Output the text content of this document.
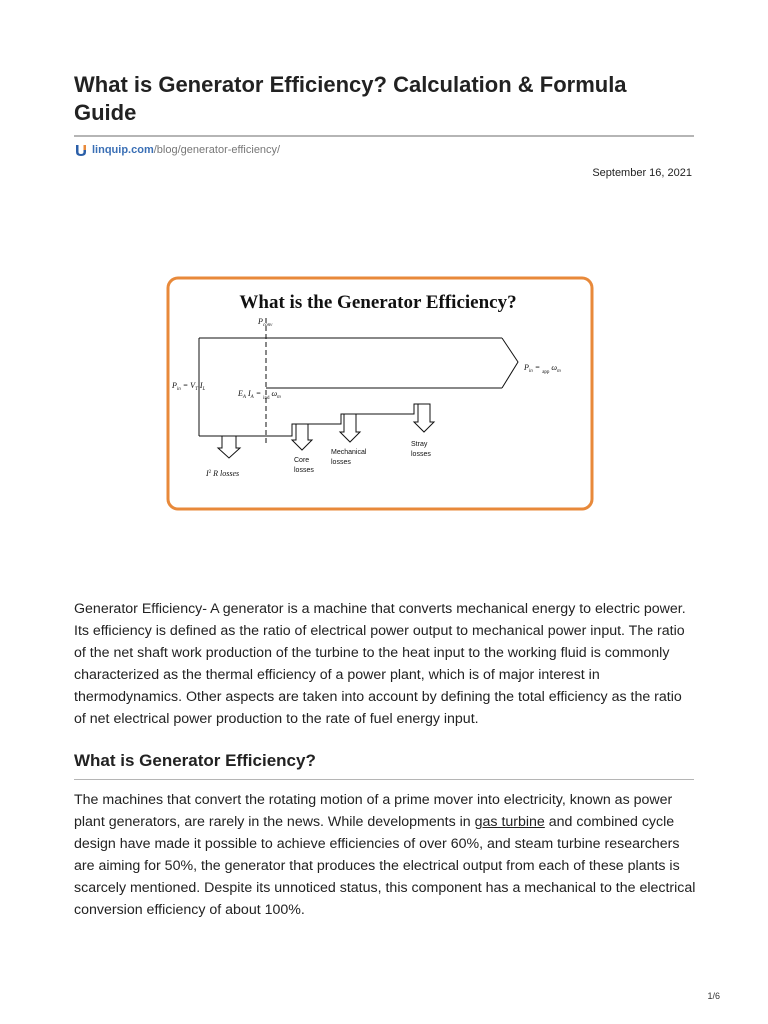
What is Generator Efficiency? Calculation & Formula Guide
linquip.com /blog/generator-efficiency/
September 16, 2021
What is the Generator Efficiency?
$P_{conv}$
$P_{in} = V_T$ $I_L$	$E_A$ $I_A = _{ind}$ $\omega_m$
$P_{in} = _{app}$ $\omega_m$
$I^2$ R losses
Core
losses
Mechanical
losses
Stray
losses
Generator Efficiency- A generator is a machine that converts mechanical energy to electric power. Its efficiency is defined as the ratio of electrical power output to mechanical power input. The ratio of the net shaft work production of the turbine to the heat input to the working fluid is commonly characterized as the thermal efficiency of a power plant, which is of major interest in thermodynamics. Other aspects are taken into account by defining the total efficiency as the ratio of net electrical power production to the rate of fuel energy input.
What is Generator Efficiency?
The machines that convert the rotating motion of a prime mover into electricity, known as power plant generators, are rarely in the news. While developments in gas turbine and combined cycle design have made it possible to achieve efficiencies of over 60%, and steam turbine researchers are aiming for 50%, the generator that produces the electrical output from each of these plants is scarcely mentioned. Despite its unnoticed status, this component has a mechanical to the electrical conversion efficiency of about 100%.
1/6
